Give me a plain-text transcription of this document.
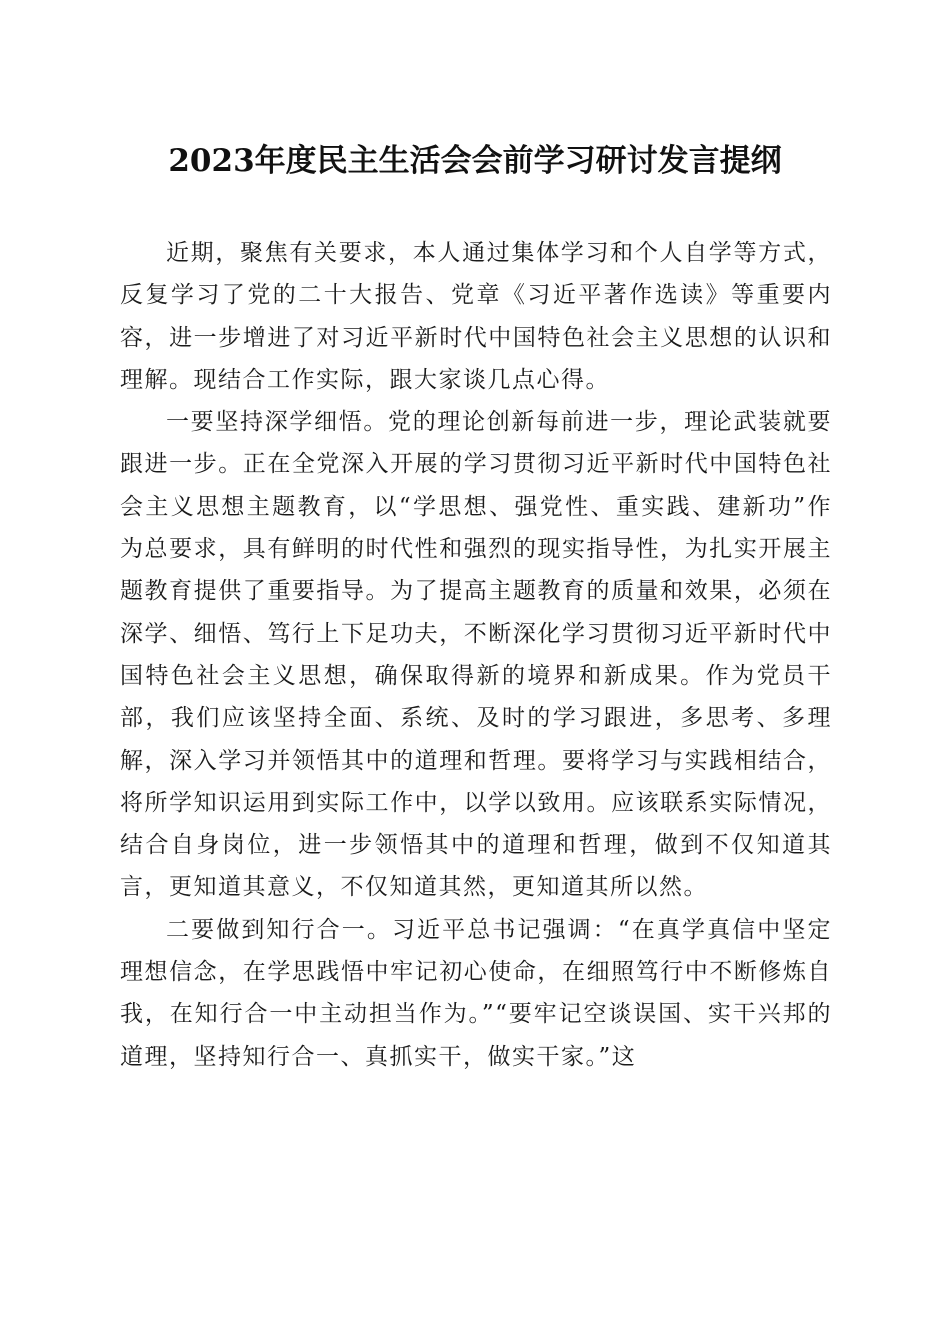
2023年度民主生活会会前学习研讨发言提纲

近期，聚焦有关要求，本人通过集体学习和个人自学等方式，反复学习了党的二十大报告、党章《习近平著作选读》等重要内容，进一步增进了对习近平新时代中国特色社会主义思想的认识和理解。现结合工作实际，跟大家谈几点心得。

一要坚持深学细悟。党的理论创新每前进一步，理论武装就要跟进一步。正在全党深入开展的学习贯彻习近平新时代中国特色社会主义思想主题教育，以“学思想、强党性、重实践、建新功”作为总要求，具有鲜明的时代性和强烈的现实指导性，为扎实开展主题教育提供了重要指导。为了提高主题教育的质量和效果，必须在深学、细悟、笃行上下足功夫，不断深化学习贯彻习近平新时代中国特色社会主义思想，确保取得新的境界和新成果。作为党员干部，我们应该坚持全面、系统、及时的学习跟进，多思考、多理解，深入学习并领悟其中的道理和哲理。要将学习与实践相结合，将所学知识运用到实际工作中，以学以致用。应该联系实际情况，结合自身岗位，进一步领悟其中的道理和哲理，做到不仅知道其言，更知道其意义，不仅知道其然，更知道其所以然。

二要做到知行合一。习近平总书记强调：“在真学真信中坚定理想信念，在学思践悟中牢记初心使命，在细照笃行中不断修炼自我，在知行合一中主动担当作为。”“要牢记空谈误国、实干兴邦的道理，坚持知行合一、真抓实干，做实干家。”这
